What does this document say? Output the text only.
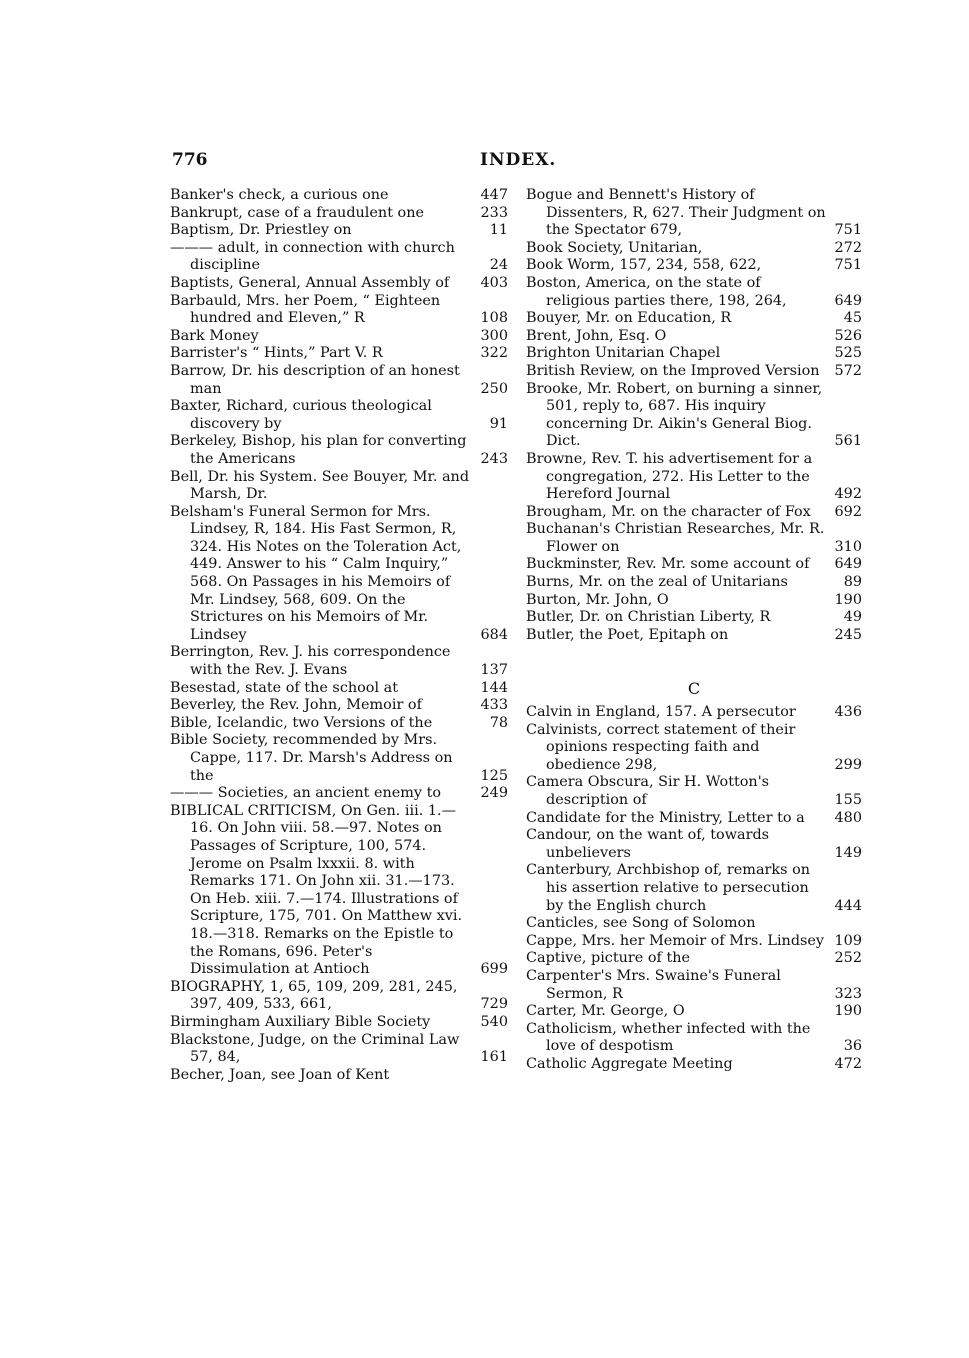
776	INDEX.
Banker's check, a curious one	447
Bankrupt, case of a fraudulent one	233
Baptism, Dr. Priestley on	11
——— adult, in connection with church discipline	24
Baptists, General, Annual Assembly of 403
Barbauld, Mrs. her Poem, “ Eighteen hundred and Eleven,” R	108
Bark Money	300
Barrister's “ Hints,” Part V. R	322
Barrow, Dr. his description of an honest man	250
Baxter, Richard, curious theological discovery by	91
Berkeley, Bishop, his plan for converting the Americans	243
Bell, Dr. his System. See Bouyer, Mr. and Marsh, Dr.
Belsham's Funeral Sermon for Mrs. Lindsey, R, 184. His Fast Sermon, R, 324. His Notes on the Toleration Act, 449. Answer to his “ Calm Inquiry,” 568. On Passages in his Memoirs of Mr. Lindsey, 568, 609. On the Strictures on his Memoirs of Mr. Lindsey	684
Berrington, Rev. J. his correspondence with the Rev. J. Evans	137
Besestad, state of the school at	144
Beverley, the Rev. John, Memoir of	433
Bible, Icelandic, two Versions of the	78
Bible Society, recommended by Mrs. Cappe, 117. Dr. Marsh's Address on the	125
——— Societies, an ancient enemy to	249
BIBLICAL CRITICISM, On Gen. iii. 1.—16. On John viii. 58.—97. Notes on Passages of Scripture, 100, 574. Jerome on Psalm lxxxii. 8. with Remarks 171. On John xii. 31.—173. On Heb. xiii. 7.—174. Illustrations of Scripture, 175, 701. On Matthew xvi. 18.—318. Remarks on the Epistle to the Romans, 696. Peter's Dissimulation at Antioch	699
BIOGRAPHY, 1, 65, 109, 209, 281, 245, 397, 409, 533, 661,	729
Birmingham Auxiliary Bible Society	540
Blackstone, Judge, on the Criminal Law 57, 84,	161
Becher, Joan, see Joan of Kent
Bogue and Bennett's History of Dissenters, R, 627. Their Judgment on the Spectator 679,	751
Book Society, Unitarian,	272
Book Worm, 157, 234, 558, 622,	751
Boston, America, on the state of religious parties there, 198, 264,	649
Bouyer, Mr. on Education, R	45
Brent, John, Esq. O	526
Brighton Unitarian Chapel	525
British Review, on the Improved Version 572
Brooke, Mr. Robert, on burning a sinner, 501, reply to, 687. His inquiry concerning Dr. Aikin's General Biog. Dict.	561
Browne, Rev. T. his advertisement for a congregation, 272. His Letter to the Hereford Journal	492
Brougham, Mr. on the character of Fox 692
Buchanan's Christian Researches, Mr. R. Flower on	310
Buckminster, Rev. Mr. some account of 649
Burns, Mr. on the zeal of Unitarians	89
Burton, Mr. John, O	190
Butler, Dr. on Christian Liberty, R	49
Butler, the Poet, Epitaph on	245
C
Calvin in England, 157. A persecutor	436
Calvinists, correct statement of their opinions respecting faith and obedience 298,	299
Camera Obscura, Sir H. Wotton's description of	155
Candidate for the Ministry, Letter to a 480
Candour, on the want of, towards unbelievers	149
Canterbury, Archbishop of, remarks on his assertion relative to persecution by the English church	444
Canticles, see Song of Solomon
Cappe, Mrs. her Memoir of Mrs. Lindsey 109
Captive, picture of the	252
Carpenter's Mrs. Swaine's Funeral Sermon, R	323
Carter, Mr. George, O	190
Catholicism, whether infected with the love of despotism	36
Catholic Aggregate Meeting	472
